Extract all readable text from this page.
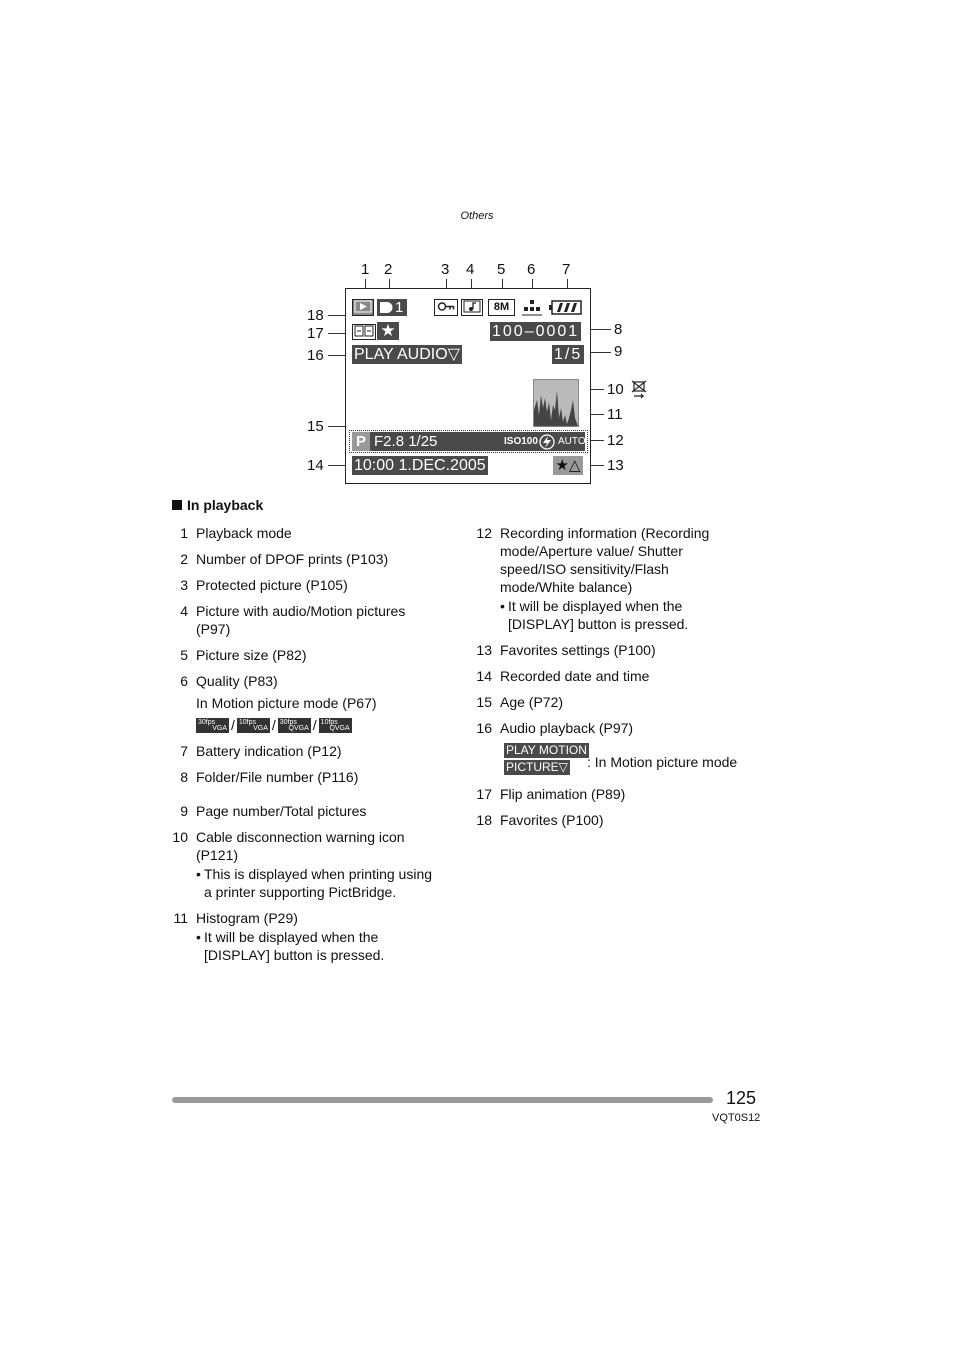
Others
1 2	3 4 5 6 7
8
9
10
11
12
13
18
17
16
15
14
1	8M
★	100–0001
PLAY AUDIO▽	1/5
P F2.8 1/25	ISO100 AUTO
10:00 1.DEC.2005	★△
In playback
1 Playback mode
2 Number of DPOF prints (P103)
3 Protected picture (P105)
4 Picture with audio/Motion pictures (P97)
5 Picture size (P82)
6 Quality (P83)
In Motion picture mode (P67)
30fps
VGA / 10fps
VGA / 30fps
QVGA / 10fps
QVGA
7 Battery indication (P12)
8 Folder/File number (P116)
9 Page number/Total pictures
10 Cable disconnection warning icon (P121)
• This is displayed when printing using a printer supporting PictBridge.
11 Histogram (P29)
• It will be displayed when the [DISPLAY] button is pressed.
12 Recording information (Recording mode/Aperture value/ Shutter speed/ISO sensitivity/Flash mode/White balance)
• It will be displayed when the [DISPLAY] button is pressed.
13 Favorites settings (P100)
14 Recorded date and time
15 Age (P72)
16 Audio playback (P97)
PLAY MOTION
PICTURE▽ : In Motion picture mode
17 Flip animation (P89)
18 Favorites (P100)
125
VQT0S12
